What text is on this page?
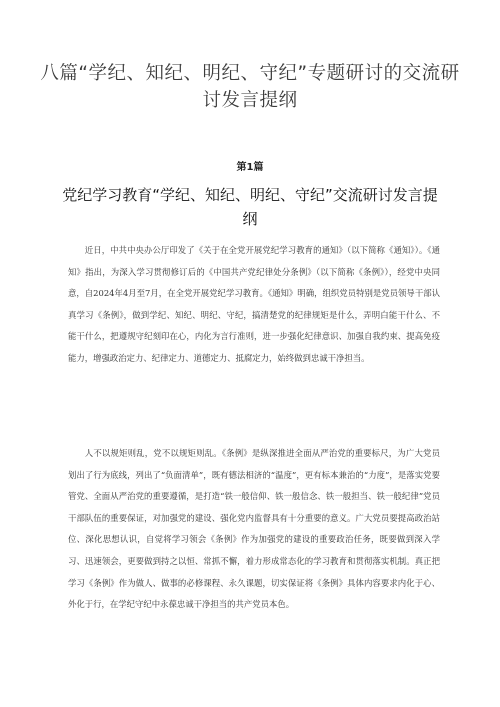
八篇“学纪、知纪、明纪、守纪”专题研讨的交流研讨发言提纲
第1篇
党纪学习教育“学纪、知纪、明纪、守纪”交流研讨发言提纲

近日，中共中央办公厅印发了《关于在全党开展党纪学习教育的通知》（以下简称《通知》）。《通知》指出，为深入学习贯彻修订后的《中国共产党纪律处分条例》（以下简称《条例》），经党中央同意，自2024年4月至7月，在全党开展党纪学习教育。《通知》明确，组织党员特别是党员领导干部认真学习《条例》，做到学纪、知纪、明纪、守纪，搞清楚党的纪律规矩是什么，弄明白能干什么、不能干什么，把遵规守纪刻印在心，内化为言行准则，进一步强化纪律意识、加强自我约束、提高免疫能力，增强政治定力、纪律定力、道德定力、抵腐定力，始终做到忠诚干净担当。

人不以规矩则乱，党不以规矩则乱。《条例》是纵深推进全面从严治党的重要标尺，为广大党员划出了行为底线，列出了“负面清单”，既有德法相济的“温度”，更有标本兼治的“力度”，是落实党要管党、全面从严治党的重要遵循，是打造“铁一般信仰、铁一般信念、铁一般担当、铁一般纪律”党员干部队伍的重要保证，对加强党的建设、强化党内监督具有十分重要的意义。广大党员要提高政治站位、深化思想认识，自觉将学习领会《条例》作为加强党的建设的重要政治任务，既要做到深入学习、迅速领会，更要做到持之以恒、常抓不懈，着力形成常态化的学习教育和贯彻落实机制。真正把学习《条例》作为做人、做事的必修课程、永久课题，切实保证将《条例》具体内容要求内化于心、外化于行，在学纪守纪中永葆忠诚干净担当的共产党员本色。
